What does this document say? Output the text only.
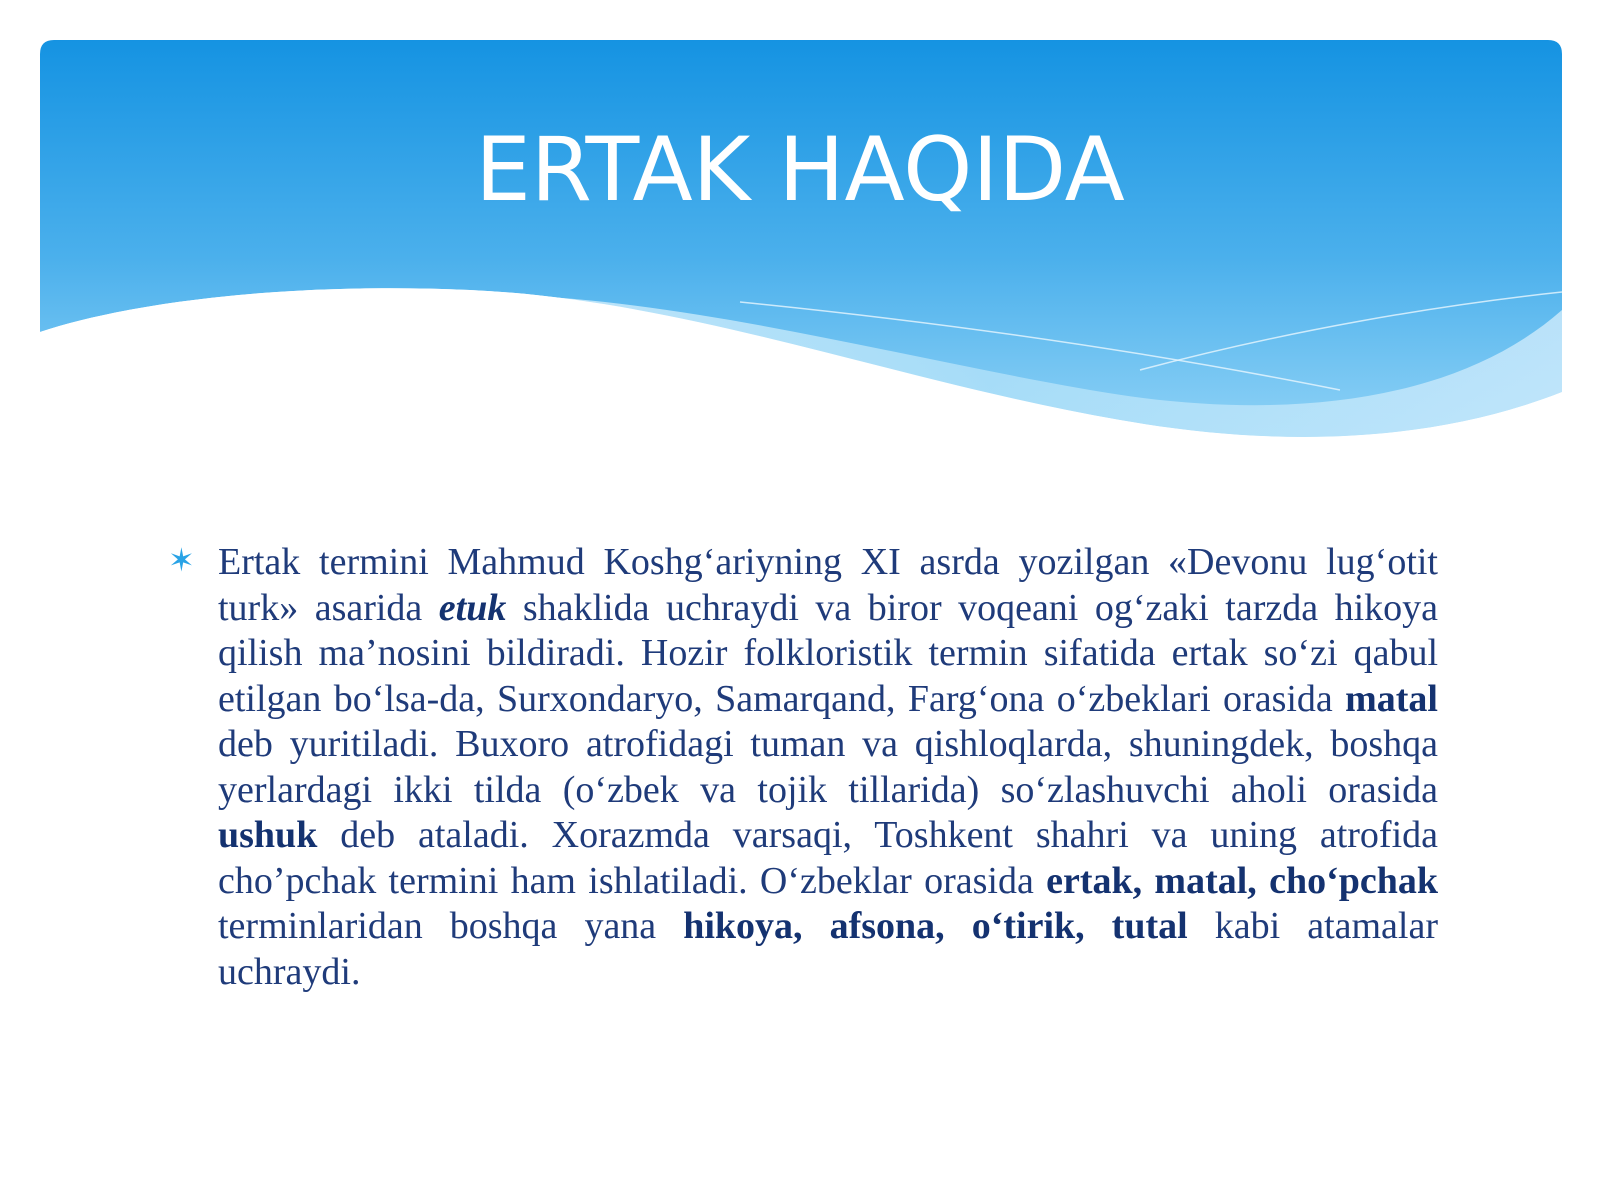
ERTAK HAQIDA
✶ Ertak termini Mahmud Koshg‘ariyning XI asrda yozilgan «Devonu lug‘otit turk» asarida etuk shaklida uchraydi va biror voqeani og‘zaki tarzda hikoya qilish ma’nosini bildiradi. Hozir folkloristik termin sifatida ertak so‘zi qabul etilgan bo‘lsa-da, Surxondaryo, Samarqand, Farg‘ona o‘zbeklari orasida matal deb yuritiladi. Buxoro atrofidagi tuman va qishloqlarda, shuningdek, boshqa yerlardagi ikki tilda (o‘zbek va tojik tillarida) so‘zlashuvchi aholi orasida ushuk deb ataladi. Xorazmda varsaqi, Toshkent shahri va uning atrofida cho’pchak termini ham ishlatiladi. O‘zbeklar orasida ertak, matal, cho‘pchak terminlaridan boshqa yana hikoya, afsona, o‘tirik, tutal kabi atamalar uchraydi.
